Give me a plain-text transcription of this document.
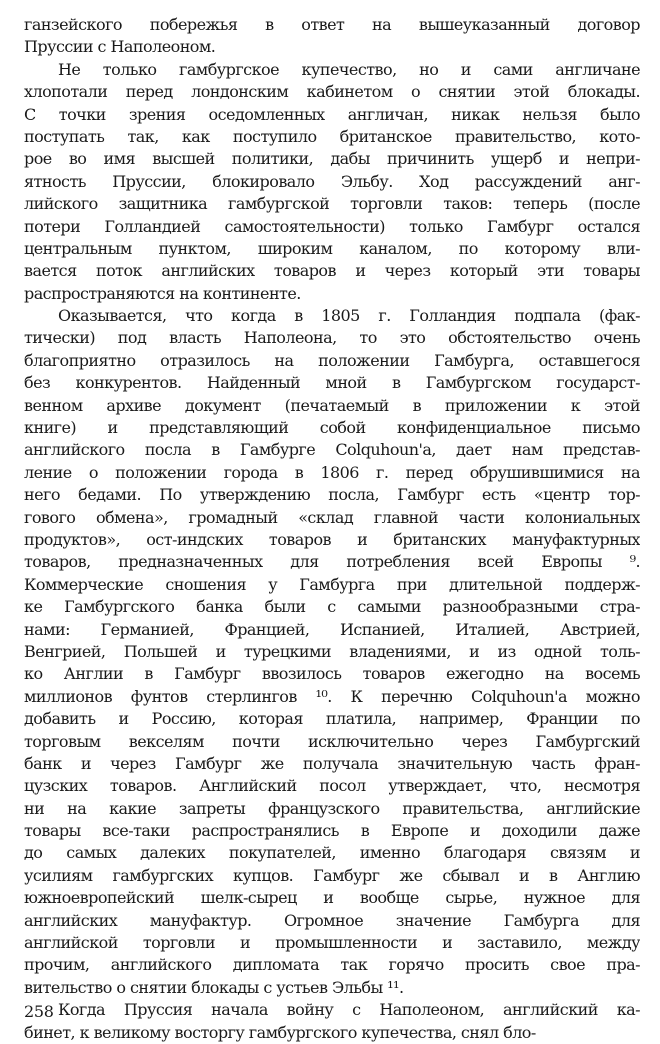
ганзейского побережья в ответ на вышеуказанный договор
Пруссии с Наполеоном.
Не только гамбургское купечество, но и сами англичане
хлопотали перед лондонским кабинетом о снятии этой блокады.
С точки зрения оседомленных англичан, никак нельзя было
поступать так, как поступило британское правительство, кото-
рое во имя высшей политики, дабы причинить ущерб и непри-
ятность Пруссии, блокировало Эльбу. Ход рассуждений анг-
лийского защитника гамбургской торговли таков: теперь (после
потери Голландией самостоятельности) только Гамбург остался
центральным пунктом, широким каналом, по которому вли-
вается поток английских товаров и через который эти товары
распространяются на континенте.
Оказывается, что когда в 1805 г. Голландия подпала (фак-
тически) под власть Наполеона, то это обстоятельство очень
благоприятно отразилось на положении Гамбурга, оставшегося
без конкурентов. Найденный мной в Гамбургском государст-
венном архиве документ (печатаемый в приложении к этой
книге) и представляющий собой конфиденциальное письмо
английского посла в Гамбурге Colquhoun'a, дает нам представ-
ление о положении города в 1806 г. перед обрушившимися на
него бедами. По утверждению посла, Гамбург есть «центр тор-
гового обмена», громадный «склад главной части колониальных
продуктов», ост-индских товаров и британских мануфактурных
товаров, предназначенных для потребления всей Европы ⁹.
Коммерческие сношения у Гамбурга при длительной поддерж-
ке Гамбургского банка были с самыми разнообразными стра-
нами: Германией, Францией, Испанией, Италией, Австрией,
Венгрией, Польшей и турецкими владениями, и из одной толь-
ко Англии в Гамбург ввозилось товаров ежегодно на восемь
миллионов фунтов стерлингов ¹⁰. К перечню Colquhoun'a можно
добавить и Россию, которая платила, например, Франции по
торговым векселям почти исключительно через Гамбургский
банк и через Гамбург же получала значительную часть фран-
цузских товаров. Английский посол утверждает, что, несмотря
ни на какие запреты французского правительства, английские
товары все-таки распространялись в Европе и доходили даже
до самых далеких покупателей, именно благодаря связям и
усилиям гамбургских купцов. Гамбург же сбывал и в Англию
южноевропейский шелк-сырец и вообще сырье, нужное для
английских мануфактур. Огромное значение Гамбурга для
английской торговли и промышленности и заставило, между
прочим, английского дипломата так горячо просить свое пра-
вительство о снятии блокады с устьев Эльбы ¹¹.
Когда Пруссия начала войну с Наполеоном, английский ка-
бинет, к великому восторгу гамбургского купечества, снял бло-
258
